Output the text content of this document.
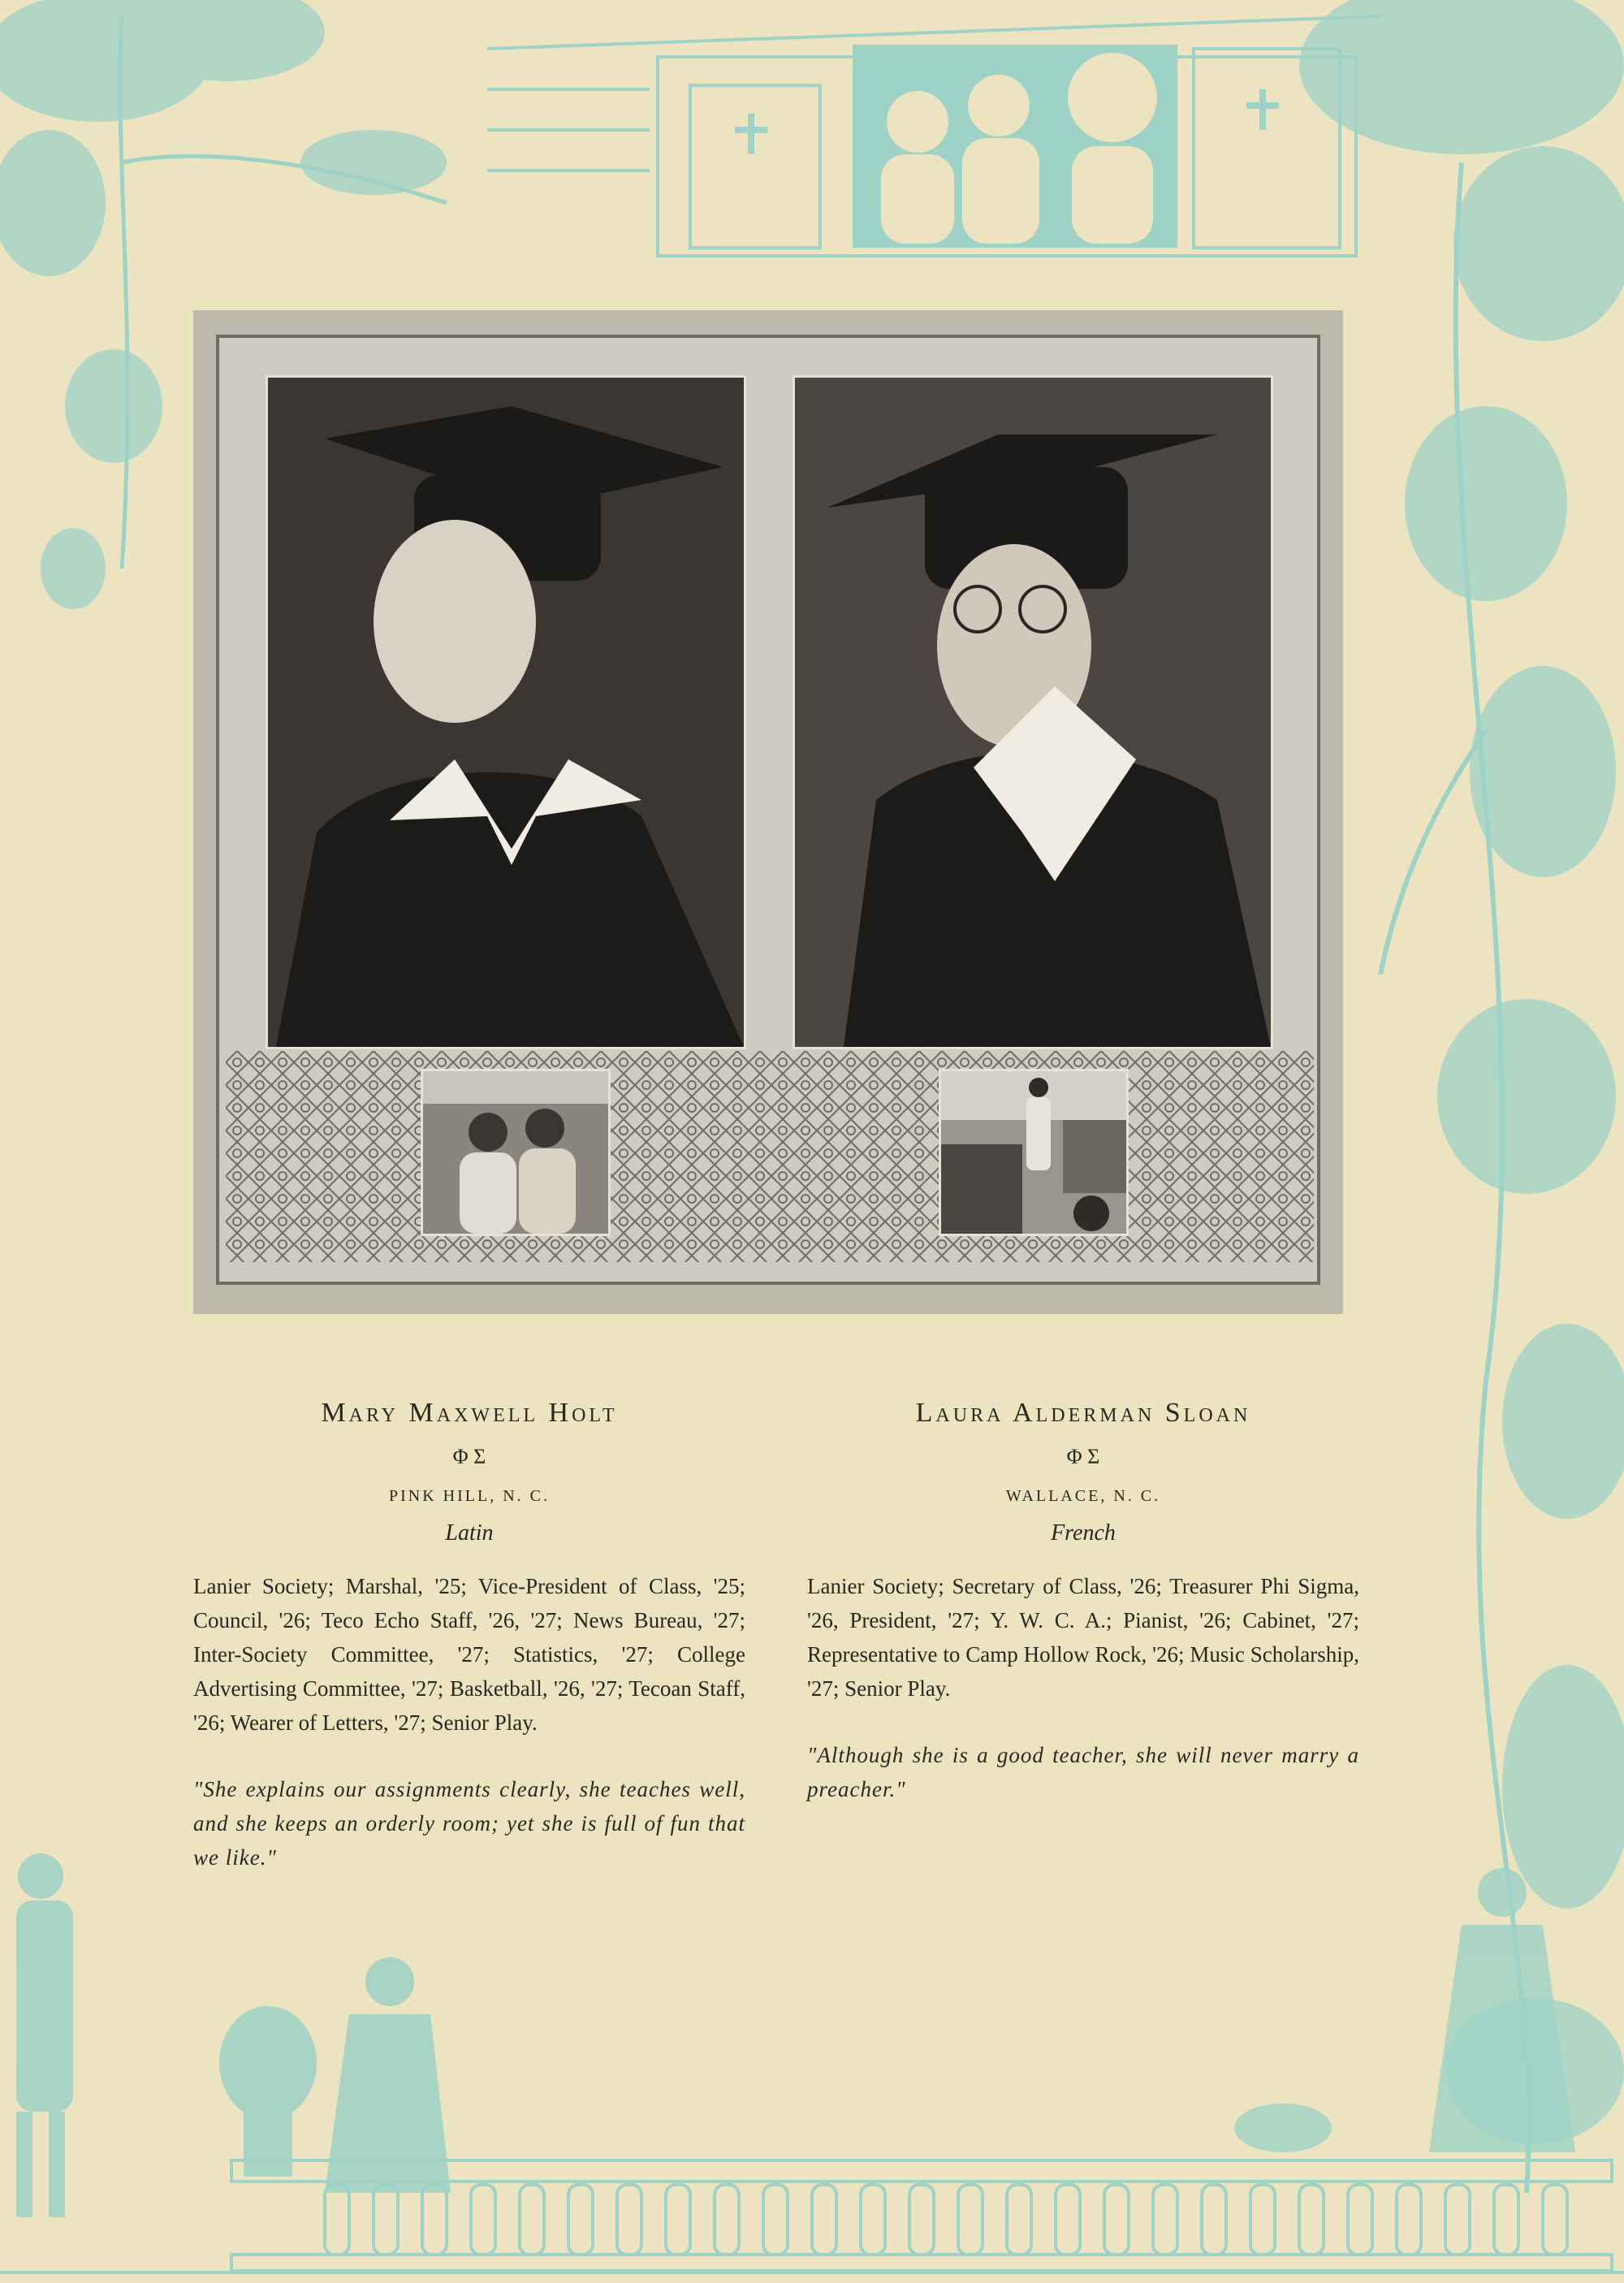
Mary Maxwell Holt
Φ Σ
PINK HILL, N. C.
Latin
Lanier Society; Marshal, '25; Vice-President of Class, '25; Council, '26; Teco Echo Staff, '26, '27; News Bureau, '27; Inter-Society Committee, '27; Statistics, '27; College Advertising Committee, '27; Basketball, '26, '27; Tecoan Staff, '26; Wearer of Letters, '27; Senior Play.
"She explains our assignments clearly, she teaches well, and she keeps an orderly room; yet she is full of fun that we like."
Laura Alderman Sloan
Φ Σ
WALLACE, N. C.
French
Lanier Society; Secretary of Class, '26; Treasurer Phi Sigma, '26, President, '27; Y. W. C. A.; Pianist, '26; Cabinet, '27; Representative to Camp Hollow Rock, '26; Music Scholarship, '27; Senior Play.
"Although she is a good teacher, she will never marry a preacher."
